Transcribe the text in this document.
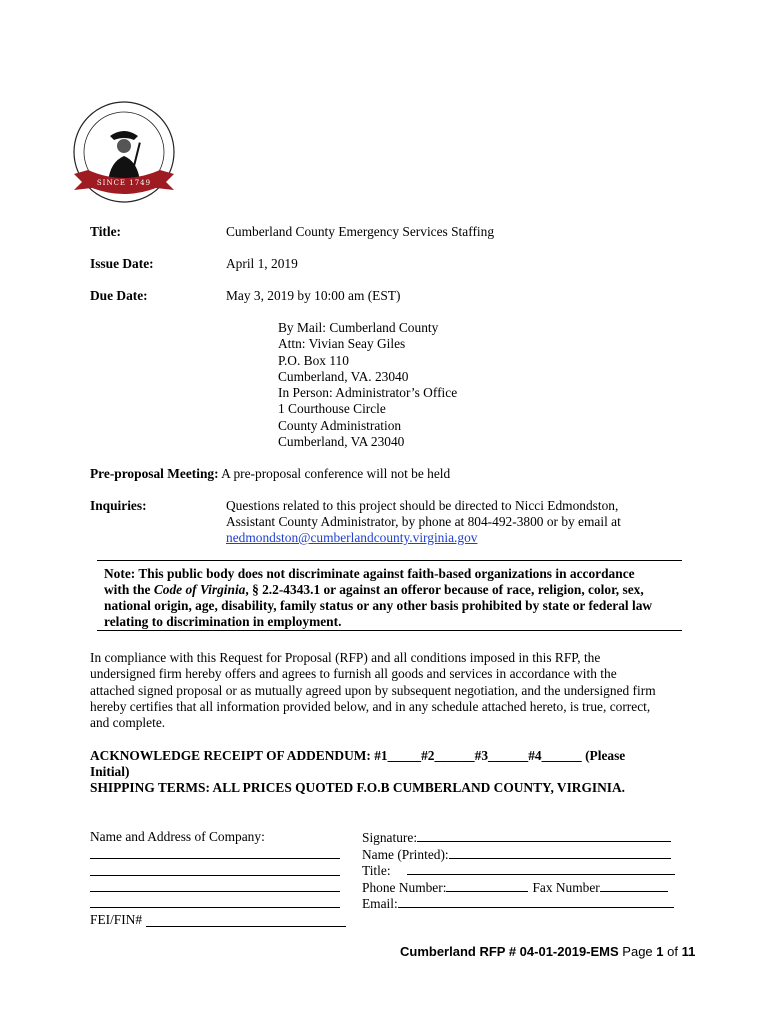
SINCE 1749
Title:	Cumberland County Emergency Services Staffing
Issue Date:	April 1, 2019
Due Date:	May 3, 2019 by 10:00 am (EST)
By Mail: Cumberland County
Attn: Vivian Seay Giles
P.O. Box 110
Cumberland, VA. 23040
In Person: Administrator’s Office
1 Courthouse Circle
County Administration
Cumberland, VA 23040
Pre-proposal Meeting: A pre-proposal conference will not be held
Inquiries:	Questions related to this project should be directed to Nicci Edmondston,
Assistant County Administrator, by phone at 804-492-3800 or by email at
nedmondston@cumberlandcounty.virginia.gov
Note: This public body does not discriminate against faith-based organizations in accordance
with the Code of Virginia, § 2.2-4343.1 or against an offeror because of race, religion, color, sex,
national origin, age, disability, family status or any other basis prohibited by state or federal law
relating to discrimination in employment.
In compliance with this Request for Proposal (RFP) and all conditions imposed in this RFP, the
undersigned firm hereby offers and agrees to furnish all goods and services in accordance with the
attached signed proposal or as mutually agreed upon by subsequent negotiation, and the undersigned firm
hereby certifies that all information provided below, and in any schedule attached hereto, is true, correct,
and complete.
ACKNOWLEDGE RECEIPT OF ADDENDUM: #1_____#2______#3______#4______ (Please
Initial)
SHIPPING TERMS: ALL PRICES QUOTED F.O.B CUMBERLAND COUNTY, VIRGINIA.
Name and Address of Company:
FEI/FIN#
Signature:
Name (Printed):
Title:
Phone Number:	Fax Number
Email:
Cumberland RFP # 04-01-2019-EMS Page 1 of 11
